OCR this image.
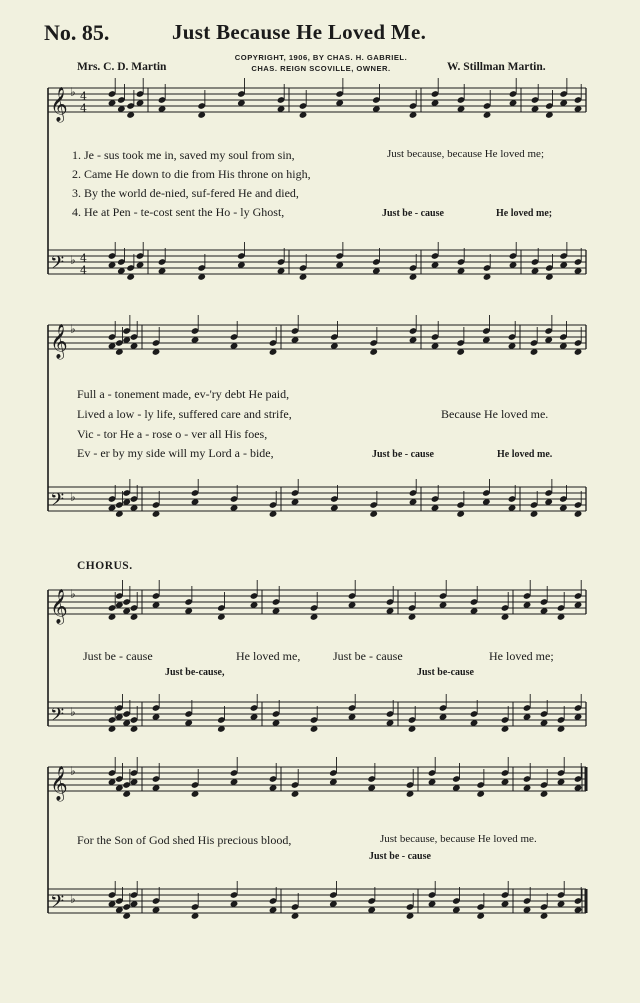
No. 85.	Just Because He Loved Me.
COPYRIGHT, 1906, BY CHAS. H. GABRIEL.
CHAS. REIGN SCOVILLE, OWNER.
Mrs. C. D. Martin	W. Stillman Martin.
𝄞 ♭ 4
4
𝄢 ♭ 4
4
𝄞 ♭
𝄢 ♭
𝄞 ♭
𝄢 ♭
𝄞 ♭
𝄢 ♭
1. Je - sus took me in, saved my soul from sin,	Just because, because He loved me;
2. Came He down to die from His throne on high,
3. By the world de-nied, suf-fered He and died,
4. He at Pen - te-cost sent the Ho - ly Ghost,	Just be - cause	He loved me;
Full a - tonement made, ev-'ry debt He paid,
Lived a low - ly life, suffered care and strife,	Because He loved me.
Vic - tor He a - rose o - ver all His foes,
Ev - er by my side will my Lord a - bide,	Just be - cause	He loved me.
CHORUS.
Just be - cause	He loved me,	Just be - cause	He loved me;
Just be-cause,	Just be-cause
For the Son of God shed His precious blood,	Just because, because He loved me.
Just be - cause
